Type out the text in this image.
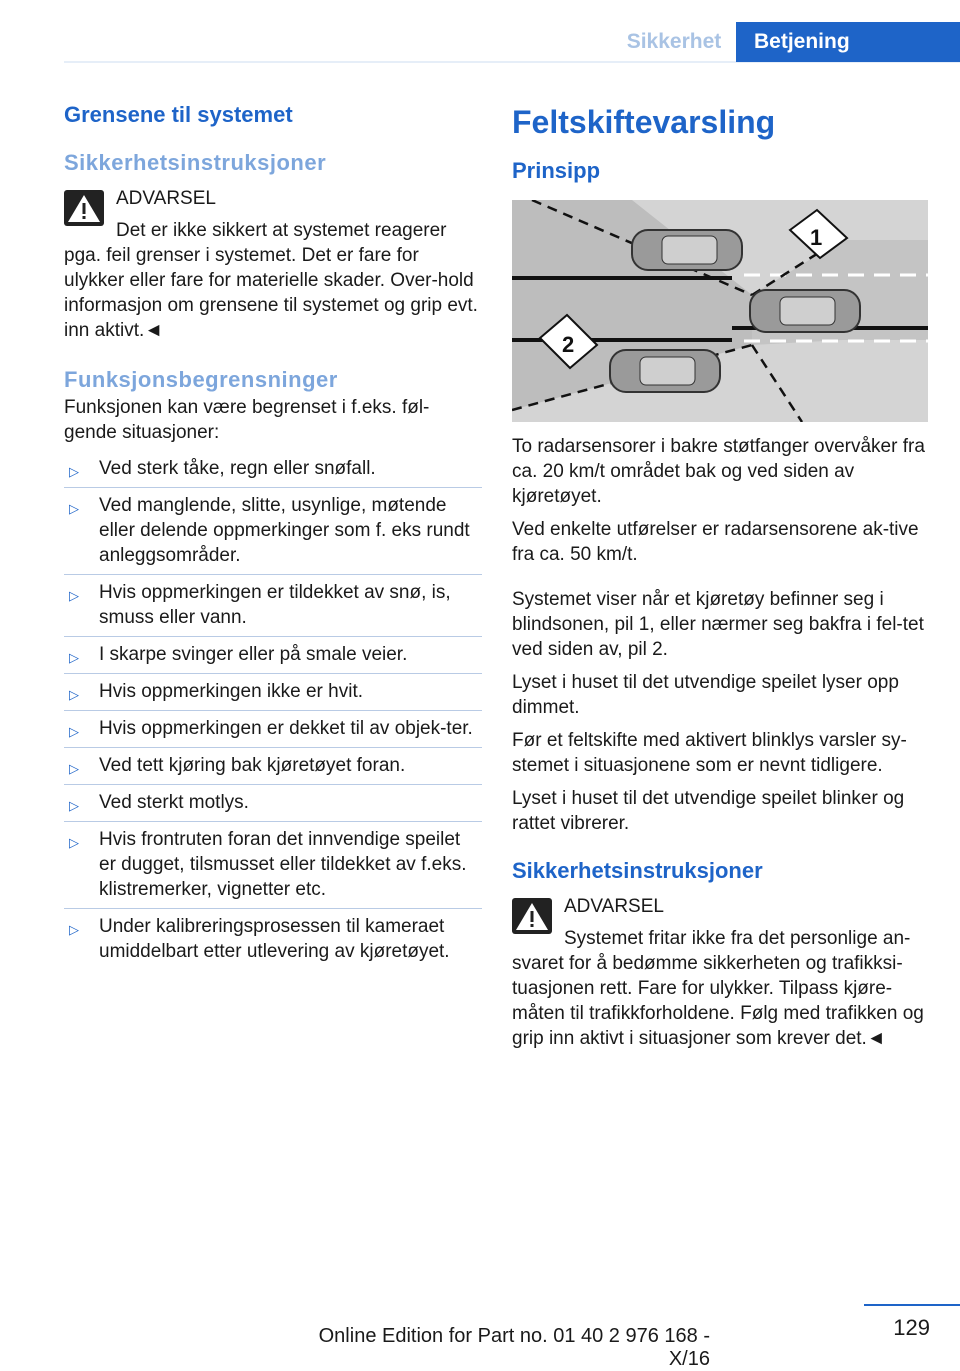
Sikkerhet	Betjening
Grensene til systemet
Sikkerhetsinstruksjoner

ADVARSEL

Det er ikke sikkert at systemet reagerer

pga. feil grenser i systemet. Det er fare for ulykker eller fare for materielle skader. Over-hold informasjon om grensene til systemet og grip evt. inn aktivt.◄

Funksjonsbegrensninger

Funksjonen kan være begrenset i f.eks. føl-gende situasjoner:

▷ Ved sterk tåke, regn eller snøfall.
▷ Ved manglende, slitte, usynlige, møtende eller delende oppmerkinger som f. eks rundt anleggsområder.
▷ Hvis oppmerkingen er tildekket av snø, is, smuss eller vann.
▷ I skarpe svinger eller på smale veier.
▷ Hvis oppmerkingen ikke er hvit.
▷ Hvis oppmerkingen er dekket til av objek-ter.
▷ Ved tett kjøring bak kjøretøyet foran.
▷ Ved sterkt motlys.
▷ Hvis frontruten foran det innvendige speilet er dugget, tilsmusset eller tildekket av f.eks. klistremerker, vignetter etc.
▷ Under kalibreringsprosessen til kameraet umiddelbart etter utlevering av kjøretøyet.
Feltskiftevarsling
Prinsipp
1
2

To radarsensorer i bakre støtfanger overvåker fra ca. 20 km/t området bak og ved siden av kjøretøyet.

Ved enkelte utførelser er radarsensorene ak-tive fra ca. 50 km/t.

Systemet viser når et kjøretøy befinner seg i blindsonen, pil 1, eller nærmer seg bakfra i fel-tet ved siden av, pil 2.

Lyset i huset til det utvendige speilet lyser opp dimmet.

Før et feltskifte med aktivert blinklys varsler sy-stemet i situasjonene som er nevnt tidligere.

Lyset i huset til det utvendige speilet blinker og rattet vibrerer.

Sikkerhetsinstruksjoner

ADVARSEL

Systemet fritar ikke fra det personlige an-

svaret for å bedømme sikkerheten og trafikksi-tuasjonen rett. Fare for ulykker. Tilpass kjøre-måten til trafikkforholdene. Følg med trafikken og grip inn aktivt i situasjoner som krever det.◄

129
Online Edition for Part no. 01 40 2 976 168 - X/16
